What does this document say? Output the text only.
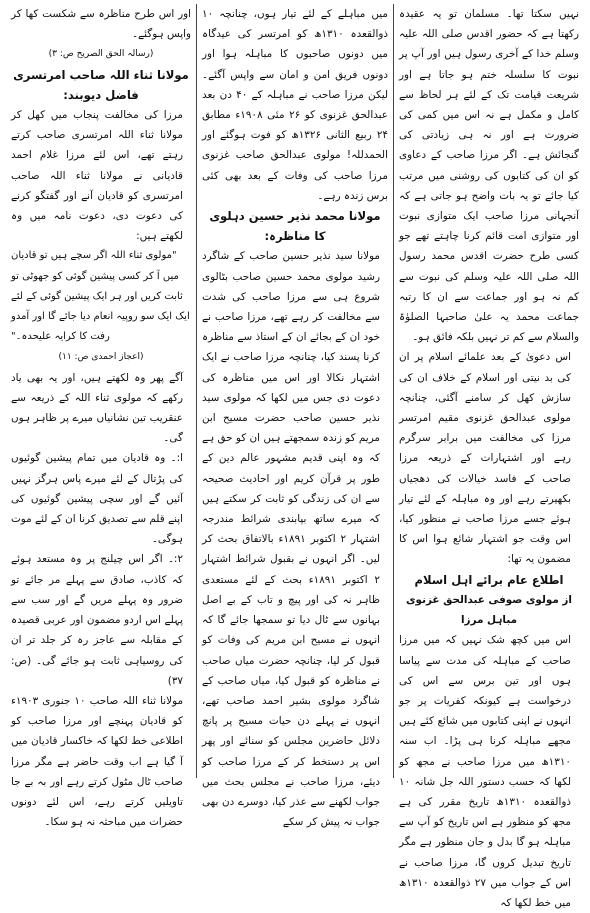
نہیں سکتا تھا۔ مسلمان تو یہ عقیدہ رکھتا ہے کہ حضور اقدس صلی اللہ علیہ وسلم خدا کے آخری رسول ہیں اور آپ پر نبوت کا سلسلہ ختم ہو جاتا ہے اور شریعت قیامت تک کے لئے ہر لحاظ سے کامل و مکمل ہے نہ اس میں کمی کی ضرورت ہے اور نہ ہی زیادتی کی گنجائش ہے۔ اگر مرزا صاحب کے دعاوی کو ان کی کتابوں کی روشنی میں مرتب کیا جائے تو یہ بات واضح ہو جاتی ہے کہ آنجہانی مرزا صاحب ایک متوازی نبوت اور متوازی امت قائم کرنا چاہتے تھے جو کسی طرح حضرت اقدس محمد رسول اللہ صلی اللہ علیہ وسلم کی نبوت سے کم نہ ہو اور جماعت سے ان کا رتبہ جماعت محمد یہ علیٰ صاحبہا الصلوٰۃ والسلام سے کم تر نہیں بلکہ فائق ہو۔

اس دعویٰ کے بعد علمائے اسلام پر ان کی بد نیتی اور اسلام کے خلاف ان کی سازش کھل کر سامنے آگئی، چنانچہ مولوی عبدالحق غزنوی مقیم امرتسر مرزا کی مخالفت میں برابر سرگرم رہے اور اشتہارات کے ذریعہ مرزا صاحب کے فاسد خیالات کی دھجیاں بکھیرتے رہے اور وہ مباہلہ کے لئے تیار ہوئے جسے مرزا صاحب نے منظور کیا، اس وقت جو اشتہار شائع ہوا اس کا مضمون یہ تھا:

اطلاع عام برائے اہل اسلام

از مولوی صوفی عبدالحق غزنوی مباہل مرزا

اس میں کچھ شک نہیں کہ میں مرزا صاحب کے مباہلہ کی مدت سے پیاسا ہوں اور تین برس سے اس کی درخواست ہے کیونکہ کفریات پر جو انہوں نے اپنی کتابوں میں شائع کئے ہیں مجھے مباہلہ کرنا ہی پڑا۔ اب سنہ ۱۳۱۰ھ میں مرزا صاحب نے مجھ کو لکھا کہ حسب دستور اللہ جل شانہ ۱۰ ذوالقعدہ ۱۳۱۰ھ تاریخ مقرر کی ہے مجھ کو منظور ہے اس تاریخ کو آپ سے مباہلہ ہو گا بدل و جان منظور ہے مگر تاریخ تبدیل کروں گا، مرزا صاحب نے اس کے جواب میں ۲۷ ذوالقعدہ ۱۳۱۰ھ میں خط لکھا کہ

میں مباہلے کے لئے تیار ہوں، چنانچہ ۱۰ ذوالقعدہ ۱۳۱۰ھ کو امرتسر کی عیدگاہ میں دونوں صاحبوں کا مباہلہ ہوا اور دونوں فریق امن و امان سے واپس آگئے۔ لیکن مرزا صاحب نے مباہلہ کے ۴۰ دن بعد عبدالحق غزنوی کو ۲۶ مئی ۱۹۰۸ء مطابق ۲۴ ربیع الثانی ۱۳۲۶ھ کو فوت ہوگئے اور الحمدللہ! مولوی عبدالحق صاحب غزنوی مرزا صاحب کی وفات کے بعد بھی کئی برس زندہ رہے۔

مولانا محمد نذیر حسین دہلوی کا مناظرہ:

مولانا سید نذیر حسین صاحب کے شاگرد رشید مولوی محمد حسین صاحب بٹالوی شروع ہی سے مرزا صاحب کی شدت سے مخالفت کر رہے تھے، مرزا صاحب نے خود ان کے بجائے ان کے استاذ سے مناظرہ کرنا پسند کیا، چنانچہ مرزا صاحب نے ایک اشتہار نکالا اور اس میں مناظرہ کی دعوت دی جس میں لکھا کہ مولوی سید نذیر حسین صاحب حضرت مسیح ابن مریم کو زندہ سمجھتے ہیں ان کو حق ہے کہ وہ اپنی قدیم مشہور عالم دین کے طور پر قرآن کریم اور احادیث صحیحہ سے ان کی زندگی کو ثابت کر سکتے ہیں کہ میرے ساتھ بپابندی شرائط مندرجہ اشتہار ۲ اکتوبر ۱۸۹۱ء بالاتفاق بحث کر لیں۔ اگر انہوں نے بقبول شرائط اشتہار ۲ اکتوبر ۱۸۹۱ء بحث کے لئے مستعدی ظاہر نہ کی اور پیچ و تاب کے بے اصل بہانوں سے ٹال دیا تو سمجھا جائے گا کہ انہوں نے مسیح ابن مریم کی وفات کو قبول کر لیا، چنانچہ حضرت میاں صاحب نے مناظرہ کو قبول کیا، میاں صاحب کے شاگرد مولوی بشیر احمد صاحب تھے، انہوں نے پہلے دن حیات مسیح پر پانچ دلائل حاضرین مجلس کو سنائے اور پھر اس پر دستخط کر کے مرزا صاحب کو دیئے، مرزا صاحب نے مجلس بحث میں جواب لکھنے سے عذر کیا، دوسرے دن بھی جواب نہ پیش کر سکے

اور اس طرح مناظرہ سے شکست کھا کر واپس ہوگئے۔

(رسالہ الحق الصریح ص: ۳)

مولانا ثناء اللہ صاحب امرتسری فاضل دیوبند:

مرزا کی مخالفت پنجاب میں کھل کر مولانا ثناء اللہ امرتسری صاحب کرتے رہتے تھے، اس لئے مرزا غلام احمد قادیانی نے مولانا ثناء اللہ صاحب امرتسری کو قادیان آنے اور گفتگو کرنے کی دعوت دی، دعوت نامہ میں وہ لکھتے ہیں:

"مولوی ثناء اللہ اگر سچے ہیں تو قادیان میں آ کر کسی پیشین گوئی کو جھوٹی تو ثابت کریں اور ہر ایک پیشین گوئی کے لئے ایک ایک سو روپیہ انعام دیا جائے گا اور آمدو رفت کا کرایہ علیحدہ۔"

(اعجاز احمدی ص: ۱۱)

آگے پھر وہ لکھتے ہیں، اور یہ بھی یاد رکھے کہ مولوی ثناء اللہ کے ذریعہ سے عنقریب تین نشانیاں میرے پر ظاہر ہوں گی۔

ا:۔ وہ قادیان میں تمام پیشین گوئیوں کی پڑتال کے لئے میرے پاس ہرگز نہیں آئیں گے اور سچی پیشین گوئیوں کی اپنے قلم سے تصدیق کرنا ان کے لئے موت ہوگی۔

۲:۔ اگر اس چیلنج پر وہ مستعد ہوئے کہ کاذب، صادق سے پہلے مر جائے تو ضرور وہ پہلے مریں گے اور سب سے پہلے اس اردو مضمون اور عربی قصیدہ کے مقابلہ سے عاجز رہ کر جلد تر ان کی روسیاہی ثابت ہو جائے گی۔ (ص: ۳۷)

مولانا ثناء اللہ صاحب ۱۰ جنوری ۱۹۰۳ء کو قادیان پہنچے اور مرزا صاحب کو اطلاعی خط لکھا کہ خاکسار قادیان میں آ گیا ہے اب وقت حاضر ہے مگر مرزا صاحب ٹال مٹول کرتے رہے اور بہ بے جا تاویلیں کرتے رہے، اس لئے دونوں حضرات میں مباحثہ نہ ہو سکا۔
